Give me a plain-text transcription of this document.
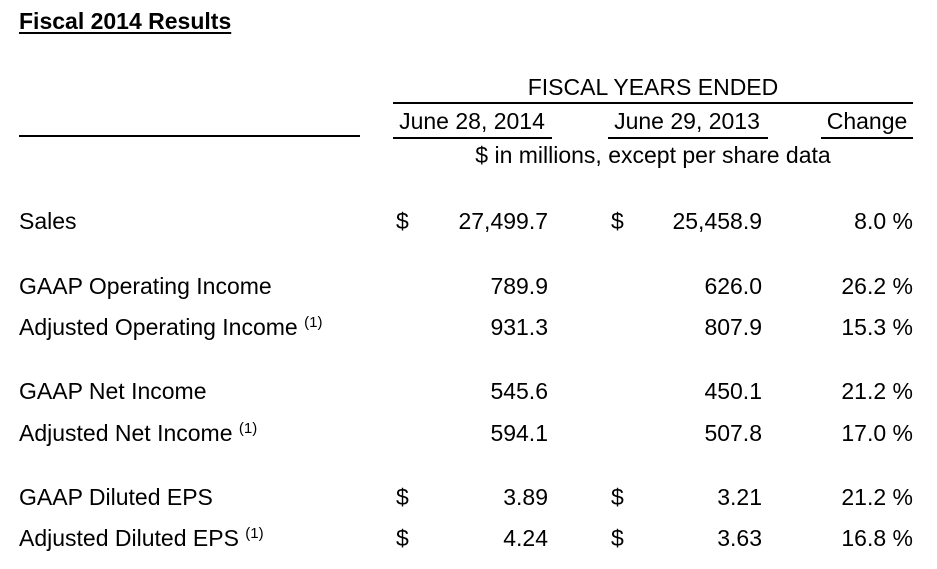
Fiscal 2014 Results
FISCAL YEARS ENDED
June 28, 2014	June 29, 2013	Change
$ in millions, except per share data
Sales	$ 27,499.7	$ 25,458.9	8.0 %
GAAP Operating Income	789.9	626.0	26.2 %
Adjusted Operating Income $^{(1)}$	931.3	807.9	15.3 %
GAAP Net Income	545.6	450.1	21.2 %
Adjusted Net Income $^{(1)}$	594.1	507.8	17.0 %
GAAP Diluted EPS	$	3.89	$	3.21	21.2 %
Adjusted Diluted EPS $^{(1)}$	$	4.24	$	3.63	16.8 %
